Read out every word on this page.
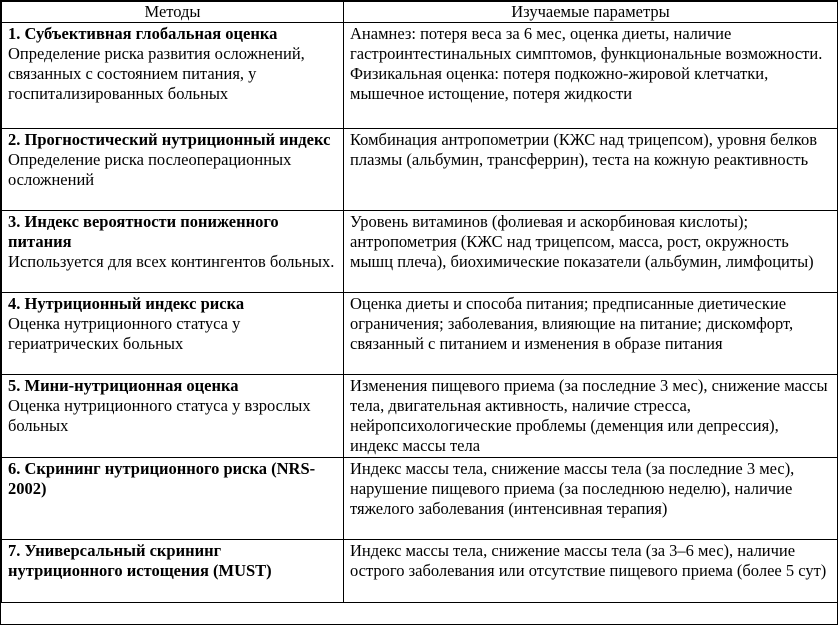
Методы	Изучаемые параметры

1. Субъективная глобальная оценка
Определение риска развития осложнений, связанных с состоянием питания, у госпитализированных больных	Анамнез: потеря веса за 6 мес, оценка диеты, наличие гастроинтестинальных симптомов, функциональные возможности.
Физикальная оценка: потеря подкожно-жировой клетчатки, мышечное истощение, потеря жидкости

2. Прогностический нутриционный индекс
Определение риска послеоперационных осложнений	Комбинация антропометрии (КЖС над трицепсом), уровня белков плазмы (альбумин, трансферрин), теста на кожную реактивность

3. Индекс вероятности пониженного питания
Используется для всех контингентов больных.	Уровень витаминов (фолиевая и аскорбиновая кислоты); антропометрия (КЖС над трицепсом, масса, рост, окружность мышц плеча), биохимические показатели (альбумин, лимфоциты)

4. Нутриционный индекс риска
Оценка нутриционного статуса у гериатрических больных	Оценка диеты и способа питания; предписанные диетические ограничения; заболевания, влияющие на питание; дискомфорт, связанный с питанием и изменения в образе питания

5. Мини-нутриционная оценка
Оценка нутриционного статуса у взрослых больных	Изменения пищевого приема (за последние 3 мес), снижение массы тела, двигательная активность, наличие стресса, нейропсихологические проблемы (деменция или депрессия), индекс массы тела

6. Скрининг нутриционного риска (NRS-2002)	Индекс массы тела, снижение массы тела (за последние 3 мес), нарушение пищевого приема (за последнюю неделю), наличие тяжелого заболевания (интенсивная терапия)

7. Универсальный скрининг нутриционного истощения (MUST)	Индекс массы тела, снижение массы тела (за 3–6 мес), наличие острого заболевания или отсутствие пищевого приема (более 5 сут)
